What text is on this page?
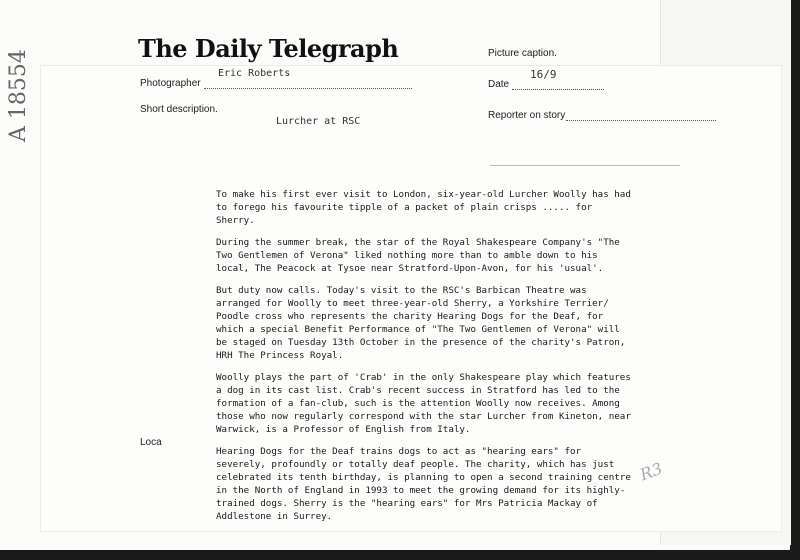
The Daily Telegraph
Photographer
Eric Roberts
Short description.
Lurcher at RSC
Loca
Picture caption.
Date
16/9
Reporter on story
A 18554

To make his first ever visit to London, six-year-old Lurcher Woolly has had to forego his favourite tipple of a packet of plain crisps ..... for Sherry.

During the summer break, the star of the Royal Shakespeare Company's "The Two Gentlemen of Verona" liked nothing more than to amble down to his local, The Peacock at Tysoe near Stratford-Upon-Avon, for his 'usual'.

But duty now calls. Today's visit to the RSC's Barbican Theatre was arranged for Woolly to meet three-year-old Sherry, a Yorkshire Terrier/ Poodle cross who represents the charity Hearing Dogs for the Deaf, for which a special Benefit Performance of "The Two Gentlemen of Verona" will be staged on Tuesday 13th October in the presence of the charity's Patron, HRH The Princess Royal.

Woolly plays the part of 'Crab' in the only Shakespeare play which features a dog in its cast list. Crab's recent success in Stratford has led to the formation of a fan-club, such is the attention Woolly now receives. Among those who now regularly correspond with the star Lurcher from Kineton, near Warwick, is a Professor of English from Italy.

Hearing Dogs for the Deaf trains dogs to act as "hearing ears" for severely, profoundly or totally deaf people. The charity, which has just celebrated its tenth birthday, is planning to open a second training centre in the North of England in 1993 to meet the growing demand for its highly-trained dogs. Sherry is the "hearing ears" for Mrs Patricia Mackay of Addlestone in Surrey.

R3
